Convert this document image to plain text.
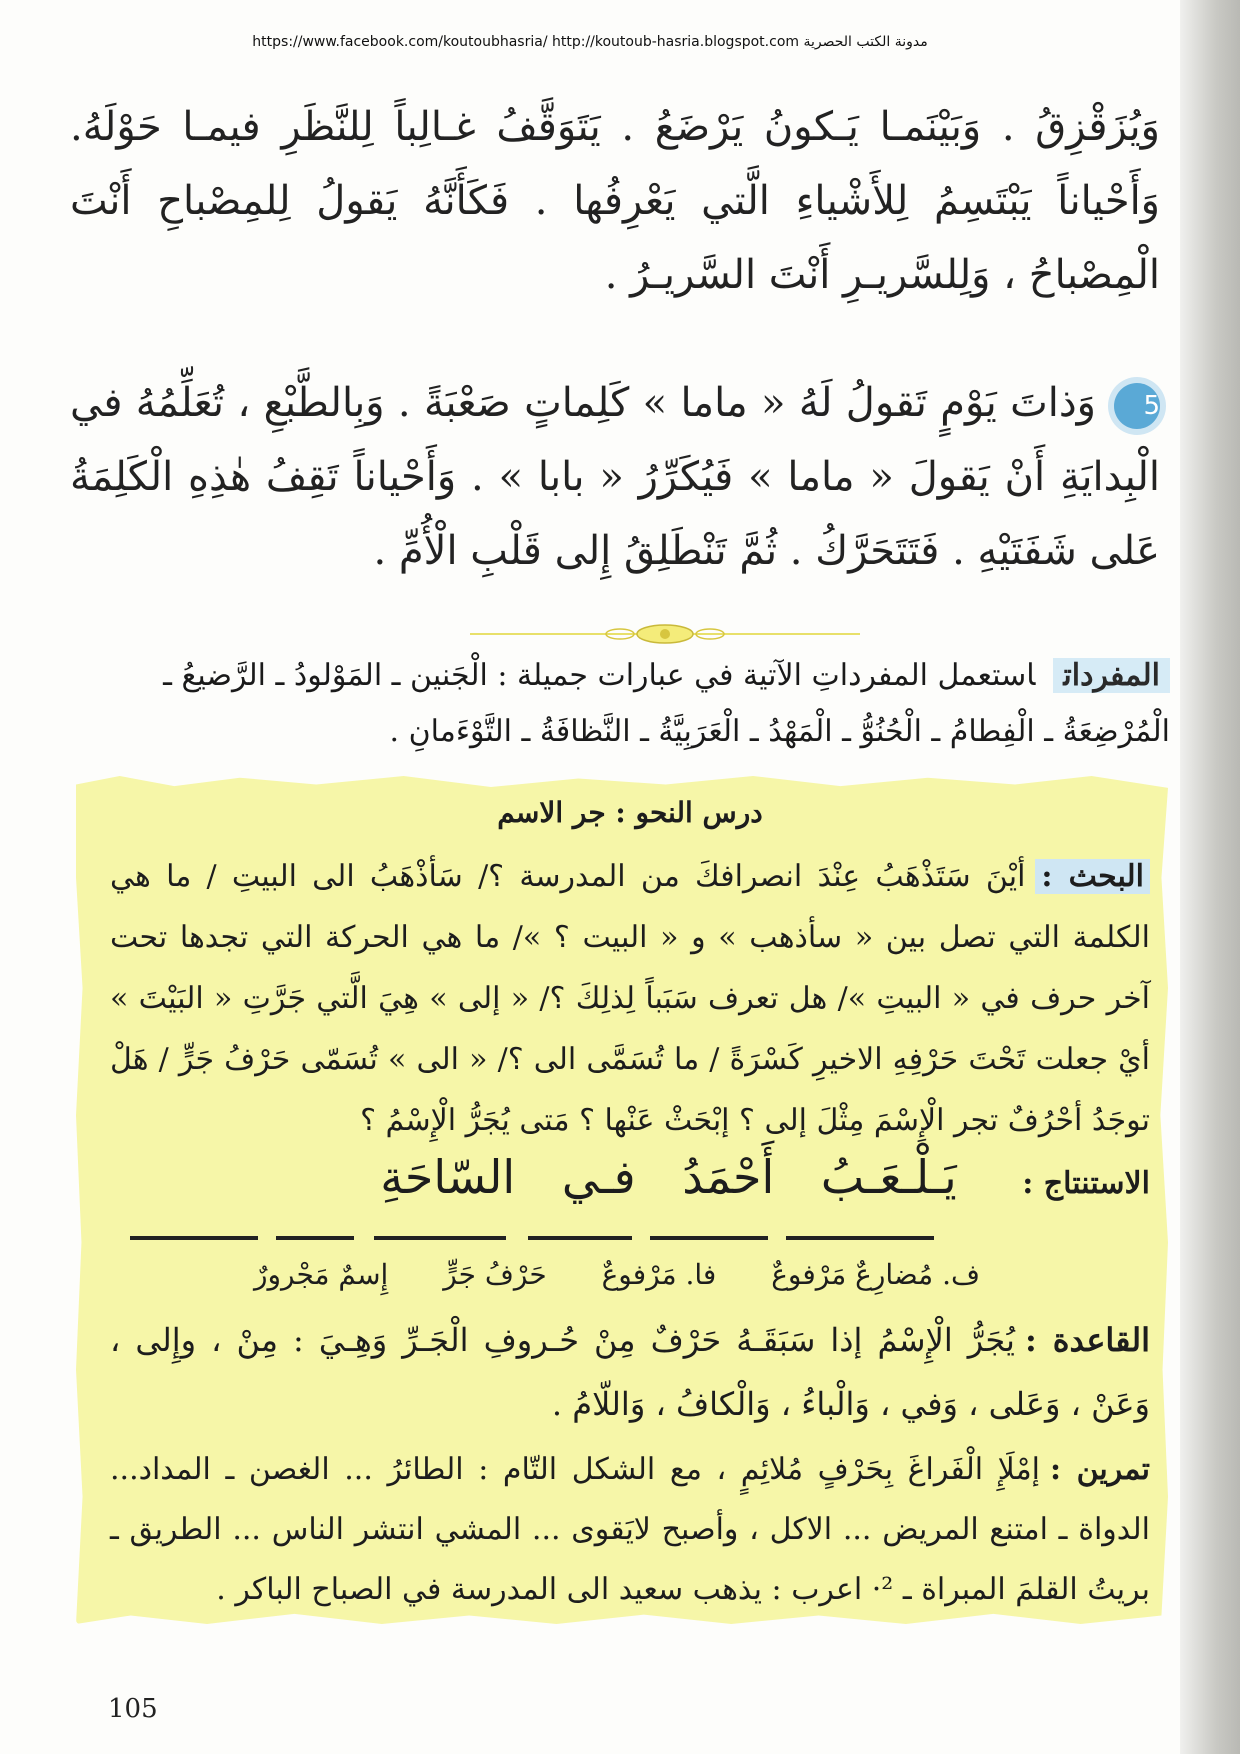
https://www.facebook.com/koutoubhasria/ http://koutoub-hasria.blogspot.com مدونة الكتب الحصرية
وَيُزَقْزِقُ . وَبَيْنَمـا يَـكونُ يَرْضَعُ . يَتَوَقَّفُ غـالِباً لِلنَّظَرِ فيمـا حَوْلَهُ. وَأَحْياناً يَبْتَسِمُ لِلأَشْياءِ الَّتي يَعْرِفُها . فَكَأَنَّهُ يَقولُ لِلمِصْباحِ أَنْتَ الْمِصْباحُ ، وَلِلسَّريـرِ أَنْتَ السَّريـرُ .
5وَذاتَ يَوْمٍ تَقولُ لَهُ « ماما » كَلِماتٍ صَعْبَةً . وَبِالطَّبْعِ ، تُعَلِّمُهُ في الْبِدايَةِ أَنْ يَقولَ « ماما » فَيُكَرِّرُ « بابا » . وَأَحْياناً تَقِفُ هٰذِهِ الْكَلِمَةُ عَلى شَفَتَيْهِ . فَتَتَحَرَّكُ . ثُمَّ تَنْطَلِقُ إِلى قَلْبِ الْأُمِّ .
المفرداتاستعمل المفرداتِ الآتية في عبارات جميلة : الْجَنين ـ المَوْلودُ ـ الرَّضيعُ ـ الْمُرْضِعَةُ ـ الْفِطامُ ـ الْحُنُوُّ ـ الْمَهْدُ ـ الْعَرَبِيَّةُ ـ النَّظافَةُ ـ التَّوْءَمانِ .
درس النحو : جر الاسم
البحث :أيْنَ سَتَذْهَبُ عِنْدَ انصرافكَ من المدرسة ؟/ سَأذْهَبُ الى البيتِ / ما هي الكلمة التي تصل بين « سأذهب » و « البيت ؟ »/ ما هي الحركة التي تجدها تحت آخر حرف في « البيتِ »/ هل تعرف سَبَباً لِذلِكَ ؟/ « إلى » هِيَ الَّتي جَرَّتِ « البَيْتَ » أيْ جعلت تَحْتَ حَرْفِهِ الاخيرِ كَسْرَةً / ما تُسَمَّى الى ؟/ « الى » تُسَمّى حَرْفُ جَرٍّ / هَلْ توجَدُ أحْرُفٌ تجر الْإِسْمَ مِثْلَ إلى ؟ إبْحَثْ عَنْها ؟ مَتى يُجَرُّ الْإِسْمُ ؟
الاستنتاج : يَـلْـعَـبُ أَحْمَدُ فـي السّاحَةِ
ف. مُضارِعٌ مَرْفوعٌ فا. مَرْفوعٌ حَرْفُ جَرٍّ إِسمٌ مَجْرورٌ
القاعدة :يُجَرُّ الْإِسْمُ إذا سَبَقَـهُ حَرْفٌ مِنْ حُـروفِ الْجَـرِّ وَهِـيَ : مِنْ ، وإِلى ، وَعَنْ ، وَعَلى ، وَفي ، وَالْباءُ ، وَالْكافُ ، وَاللّامُ .
تمرين :إمْلَإِ الْفَراغَ بِحَرْفٍ مُلائِمٍ ، مع الشكل التّام : الطائرُ ... الغصن ـ المداد... الدواة ـ امتنع المريض ... الاكل ، وأصبح لايَقوى ... المشي انتشر الناس ... الطريق ـ بريتُ القلمَ المبراة ـ ²· اعرب : يذهب سعيد الى المدرسة في الصباح الباكر .
105
